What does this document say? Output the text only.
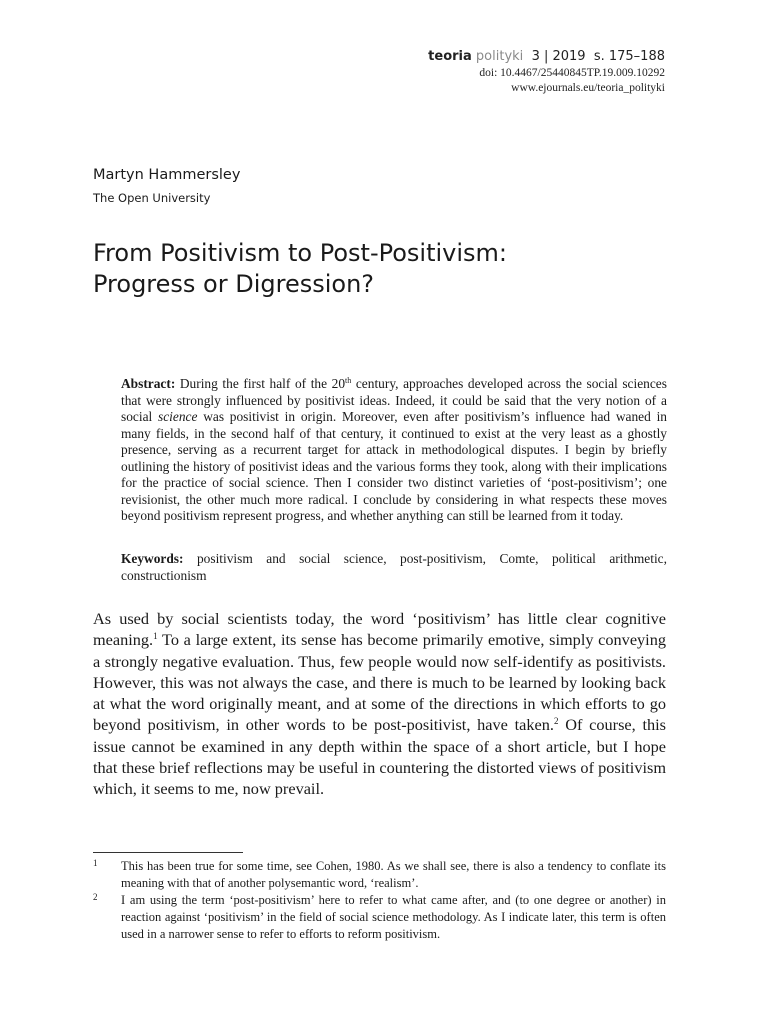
teoria polityki 3 | 2019 s. 175–188
doi: 10.4467/25440845TP.19.009.10292
www.ejournals.eu/teoria_polityki
Martyn Hammersley
The Open University
From Positivism to Post-Positivism:
Progress or Digression?
Abstract: During the first half of the 20th century, approaches developed across the social sciences that were strongly influenced by positivist ideas. Indeed, it could be said that the very notion of a social science was positivist in origin. Moreover, even after positivism’s influence had waned in many fields, in the second half of that century, it continued to exist at the very least as a ghostly presence, serving as a recurrent target for attack in methodological disputes. I begin by briefly outlining the history of positivist ideas and the various forms they took, along with their implications for the practice of social science. Then I consider two distinct varieties of ‘post-positivism’; one revisionist, the other much more radical. I conclude by considering in what respects these moves beyond positivism represent progress, and whether anything can still be learned from it today.
Keywords: positivism and social science, post-positivism, Comte, political arithmetic, constructionism
As used by social scientists today, the word ‘positivism’ has little clear cognitive meaning.$^1$ To a large extent, its sense has become primarily emotive, simply conveying a strongly negative evaluation. Thus, few people would now self-identify as positivists. However, this was not always the case, and there is much to be learned by looking back at what the word originally meant, and at some of the directions in which efforts to go beyond positivism, in other words to be post-positivist, have taken.$^2$ Of course, this issue cannot be examined in any depth within the space of a short article, but I hope that these brief reflections may be useful in countering the distorted views of positivism which, it seems to me, now prevail.
1 This has been true for some time, see Cohen, 1980. As we shall see, there is also a tendency to conflate its meaning with that of another polysemantic word, ‘realism’.
2 I am using the term ‘post-positivism’ here to refer to what came after, and (to one degree or another) in reaction against ‘positivism’ in the field of social science methodology. As I indicate later, this term is often used in a narrower sense to refer to efforts to reform positivism.
